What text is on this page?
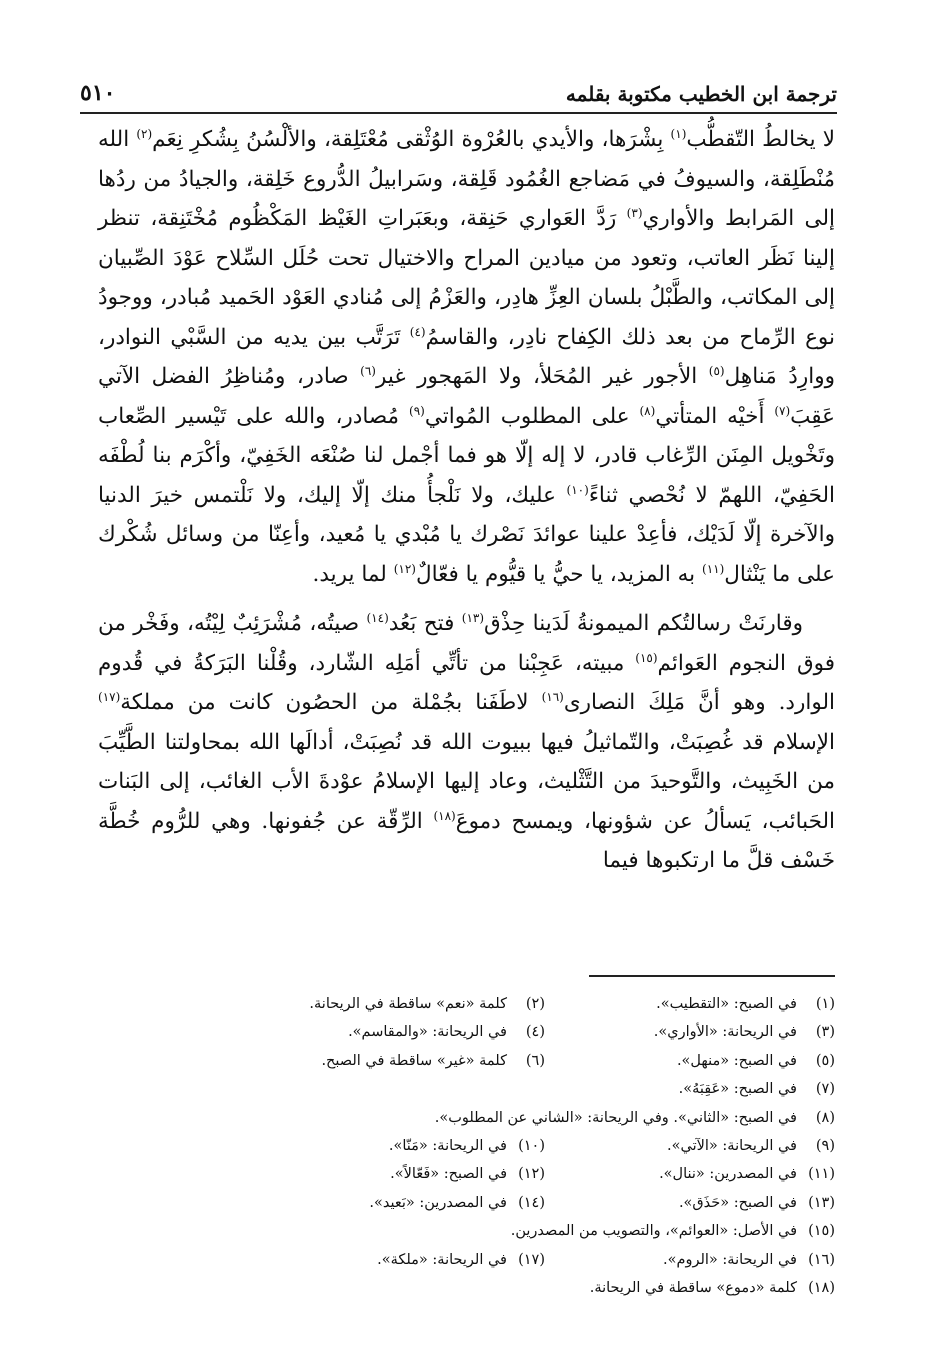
ترجمة ابن الخطيب مكتوبة بقلمه
٥١٠

لا يخالطُ التّقطُّب$^{(١)}$ بِشْرَها، والأيدي بالعُرْوة الوُثْقى مُعْتَلِقة، والألْسُنُ بِشُكرِ نِعَم$^{(٢)}$ الله مُنْطَلِقة، والسيوفُ في مَضاجع الغُمُود قَلِقة، وسَرابيلُ الدُّروع خَلِقة، والجيادُ من ردُها إلى المَرابط والأواري$^{(٣)}$ رَدَّ العَواري حَنِقة، وبعَبَراتِ الغَيْظ المَكْظُوم مُخْتَنِقة، تنظر إلينا نَظَر العاتب، وتعود من ميادين المراح والاختيال تحت حُلَل السِّلاح عَوْدَ الصِّبيان إلى المكاتب، والطَّبْلُ بلسان العِزِّ هادِر، والعَزْمُ إلى مُنادي العَوْد الحَميد مُبادر، ووجودُ نوع الرِّماح من بعد ذلك الكِفاح نادِر، والقاسمُ$^{(٤)}$ تَرَتَّب بين يديه من السَّبْي النوادر، ووارِدُ مَناهِل$^{(٥)}$ الأجور غير المُحَلأ، ولا المَهجور غير$^{(٦)}$ صادر، ومُناظِرُ الفضل الآتي عَقِبَ$^{(٧)}$ أَخيْه المتأتي$^{(٨)}$ على المطلوب المُواتي$^{(٩)}$ مُصادر، والله على تَيْسير الصِّعاب وتَخْويل المِنَن الرِّغاب قادر، لا إله إلّا هو فما أجْمل لنا صُنْعَه الخَفِيّ، وأكْرَم بنا لُطْفَه الحَفِيّ، اللهمّ لا نُحْصي ثناءً$^{(١٠)}$ عليك، ولا نَلْجأُ منك إلّا إليك، ولا نَلْتمس خيرَ الدنيا والآخرة إلّا لَدَيْك، فأعِدْ علينا عوائدَ نَصْرك يا مُبْدي يا مُعيد، وأعِنّا من وسائل شُكْرك على ما يَنْثال$^{(١١)}$ به المزيد، يا حيُّ يا قيُّوم يا فعّالٌ$^{(١٢)}$ لما يريد.

وقارنَتْ رسالتُكم الميمونةُ لَدَينا حِذْق$^{(١٣)}$ فتح بَعُد$^{(١٤)}$ صيتُه، مُشْرَئِبٌ لِيْتُه، وفَخْر من فوق النجوم العَوائم$^{(١٥)}$ مبيته، عَجِبْنا من تأتِّي أمَلِه الشّارد، وقُلْنا البَرَكةُ في قُدوم الوارد. وهو أنَّ مَلِكَ النصارى$^{(١٦)}$ لاطَفَنا بجُمْلة من الحصُون كانت من مملكة$^{(١٧)}$ الإسلام قد غُصِبَتْ، والتّماثيلُ فيها ببيوت الله قد نُصِبَتْ، أدالَها الله بمحاولتنا الطَّيِّبَ من الخَبِيث، والتَّوحيدَ من التَّثْليث، وعاد إليها الإسلامُ عوْدةَ الأب الغائب، إلى البَنات الحَبائب، يَسألُ عن شؤونها، ويمسح دموعَ$^{(١٨)}$ الرِّقّة عن جُفونها. وهي للرُّوم خُطَّة خَسْف قلَّ ما ارتكبوها فيما

(١)في الصبح: «التقطيب».
(٢)كلمة «نعم» ساقطة في الريحانة.
(٣)في الريحانة: «الأواري».
(٤)في الريحانة: «والمقاسم».
(٥)في الصبح: «منهل».
(٦)كلمة «غير» ساقطة في الصبح.
(٧)في الصبح: «عَقِبَهُ».
(٨)في الصبح: «الثاني». وفي الريحانة: «الشاني عن المطلوب».
(٩)في الريحانة: «الآتي».
(١٠)في الريحانة: «مَنّا».
(١١)في المصدرين: «ننال».
(١٢)في الصبح: «فَعّالاً».
(١٣)في الصبح: «حَذَق».
(١٤)في المصدرين: «بَعيد».
(١٥)في الأصل: «العوائم»، والتصويب من المصدرين.
(١٦)في الريحانة: «الروم».
(١٧)في الريحانة: «ملكة».
(١٨)كلمة «دموع» ساقطة في الريحانة.
